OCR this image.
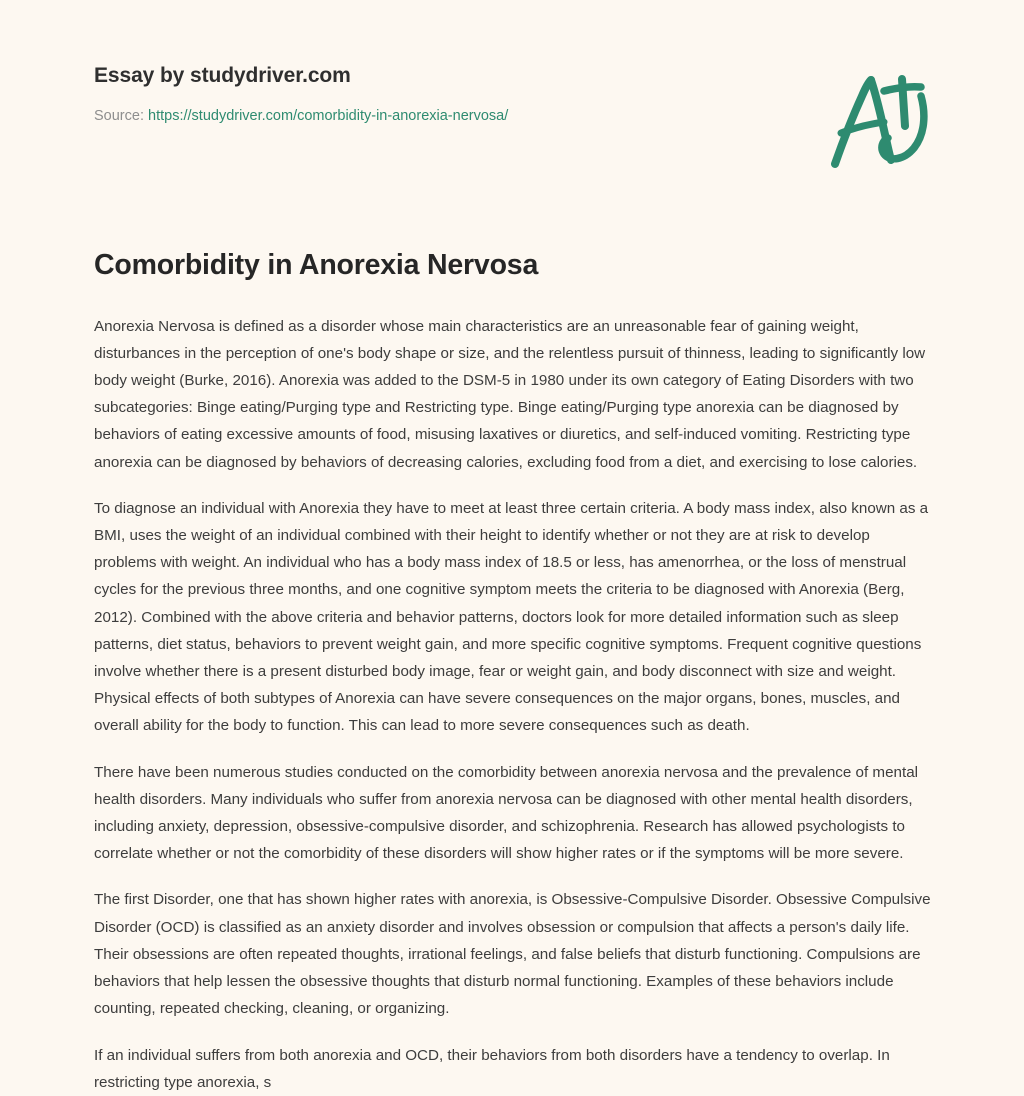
Essay by studydriver.com
Source: https://studydriver.com/comorbidity-in-anorexia-nervosa/
Comorbidity in Anorexia Nervosa

Anorexia Nervosa is defined as a disorder whose main characteristics are an unreasonable fear of gaining weight, disturbances in the perception of one's body shape or size, and the relentless pursuit of thinness, leading to significantly low body weight (Burke, 2016). Anorexia was added to the DSM-5 in 1980 under its own category of Eating Disorders with two subcategories: Binge eating/Purging type and Restricting type. Binge eating/Purging type anorexia can be diagnosed by behaviors of eating excessive amounts of food, misusing laxatives or diuretics, and self-induced vomiting. Restricting type anorexia can be diagnosed by behaviors of decreasing calories, excluding food from a diet, and exercising to lose calories.

To diagnose an individual with Anorexia they have to meet at least three certain criteria. A body mass index, also known as a BMI, uses the weight of an individual combined with their height to identify whether or not they are at risk to develop problems with weight. An individual who has a body mass index of 18.5 or less, has amenorrhea, or the loss of menstrual cycles for the previous three months, and one cognitive symptom meets the criteria to be diagnosed with Anorexia (Berg, 2012). Combined with the above criteria and behavior patterns, doctors look for more detailed information such as sleep patterns, diet status, behaviors to prevent weight gain, and more specific cognitive symptoms. Frequent cognitive questions involve whether there is a present disturbed body image, fear or weight gain, and body disconnect with size and weight. Physical effects of both subtypes of Anorexia can have severe consequences on the major organs, bones, muscles, and overall ability for the body to function. This can lead to more severe consequences such as death.

There have been numerous studies conducted on the comorbidity between anorexia nervosa and the prevalence of mental health disorders. Many individuals who suffer from anorexia nervosa can be diagnosed with other mental health disorders, including anxiety, depression, obsessive-compulsive disorder, and schizophrenia. Research has allowed psychologists to correlate whether or not the comorbidity of these disorders will show higher rates or if the symptoms will be more severe.

The first Disorder, one that has shown higher rates with anorexia, is Obsessive-Compulsive Disorder. Obsessive Compulsive Disorder (OCD) is classified as an anxiety disorder and involves obsession or compulsion that affects a person's daily life. Their obsessions are often repeated thoughts, irrational feelings, and false beliefs that disturb functioning. Compulsions are behaviors that help lessen the obsessive thoughts that disturb normal functioning. Examples of these behaviors include counting, repeated checking, cleaning, or organizing.

If an individual suffers from both anorexia and OCD, their behaviors from both disorders have a tendency to overlap. In restricting type anorexia, s
